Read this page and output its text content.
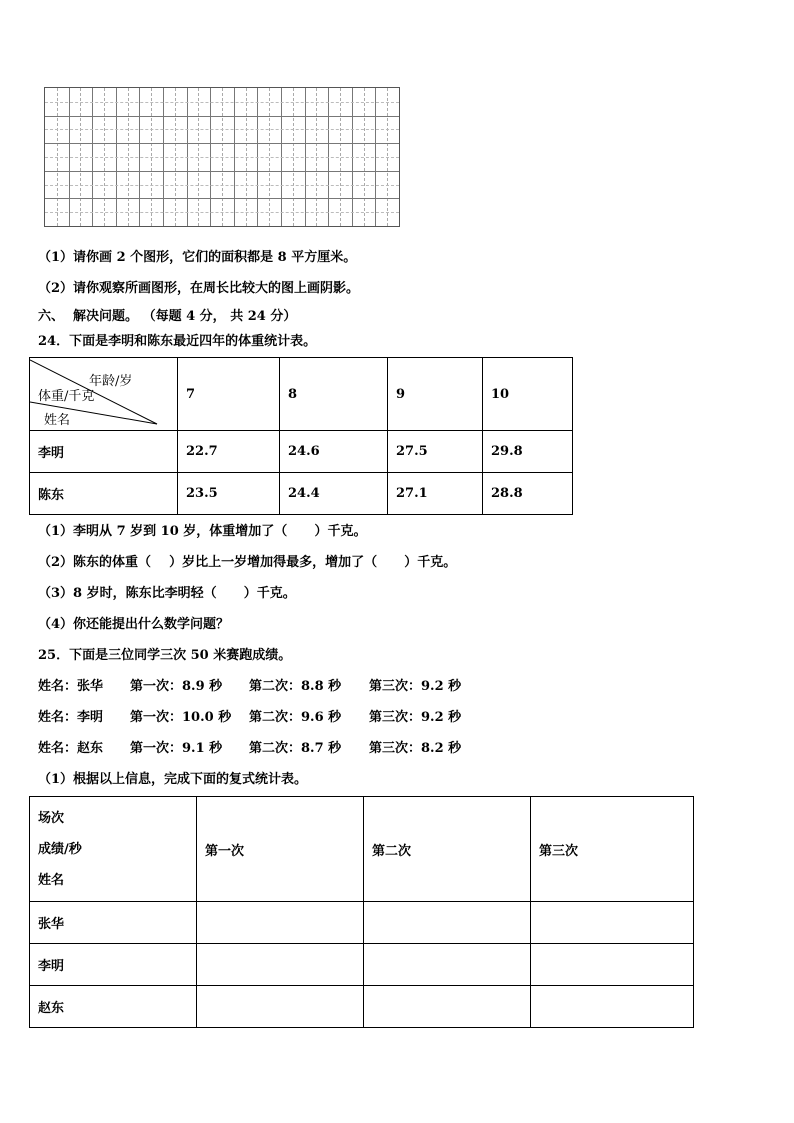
（1）请你画 2 个图形，它们的面积都是 8 平方厘米。
（2）请你观察所画图形，在周长比较大的图上画阴影。
六、  解决问题。 （每题 4 分， 共 24 分）
24．下面是李明和陈东最近四年的体重统计表。
年龄/岁
体重/千克
姓名	7	8	9	10
李明	22.7	24.6	27.5	29.8
陈东	23.5	24.4	27.1	28.8
（1）李明从 7 岁到 10 岁，体重增加了（      ）千克。
（2）陈东的体重（    ）岁比上一岁增加得最多，增加了（      ）千克。
（3）8 岁时，陈东比李明轻（      ）千克。
（4）你还能提出什么数学问题？
25．下面是三位同学三次 50 米赛跑成绩。
姓名：张华 第一次：8.9 秒 第二次：8.8 秒 第三次：9.2 秒
姓名：李明 第一次：10.0 秒 第二次：9.6 秒 第三次：9.2 秒
姓名：赵东 第一次：9.1 秒 第二次：8.7 秒 第三次：8.2 秒
（1）根据以上信息，完成下面的复式统计表。
场次
成绩/秒
姓名	第一次	第二次	第三次
张华			
李明			
赵东			
